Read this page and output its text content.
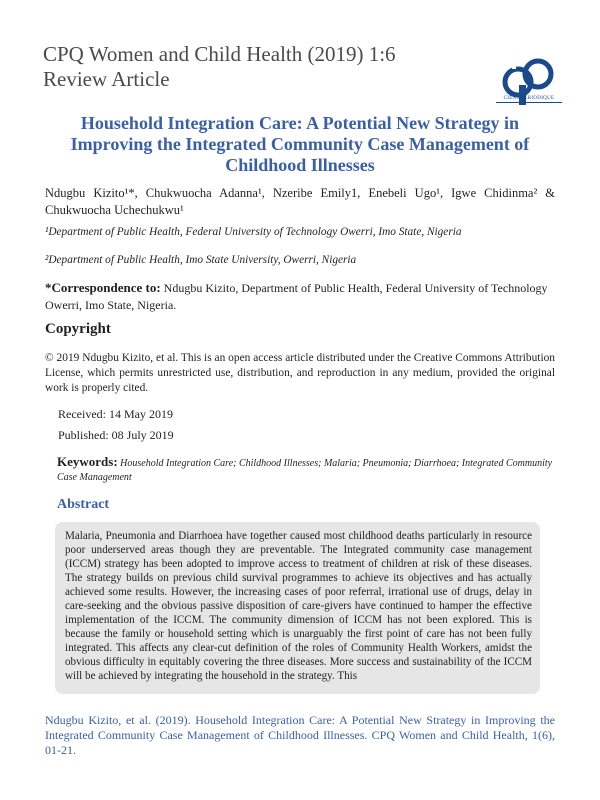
CPQ Women and Child Health (2019) 1:6
Review Article
CIENT PERIODIQUE
Household Integration Care: A Potential New Strategy in Improving the Integrated Community Case Management of Childhood Illnesses
Ndugbu Kizito¹*, Chukwuocha Adanna¹, Nzeribe Emily1, Enebeli Ugo¹, Igwe Chidinma² & Chukwuocha Uchechukwu¹
¹Department of Public Health, Federal University of Technology Owerri, Imo State, Nigeria
²Department of Public Health, Imo State University, Owerri, Nigeria
*Correspondence to: Ndugbu Kizito, Department of Public Health, Federal University of Technology Owerri, Imo State, Nigeria.
Copyright
© 2019 Ndugbu Kizito, et al. This is an open access article distributed under the Creative Commons Attribution License, which permits unrestricted use, distribution, and reproduction in any medium, provided the original work is properly cited.
Received: 14 May 2019
Published: 08 July 2019
Keywords: Household Integration Care; Childhood Illnesses; Malaria; Pneumonia; Diarrhoea; Integrated Community Case Management
Abstract
Malaria, Pneumonia and Diarrhoea have together caused most childhood deaths particularly in resource poor underserved areas though they are preventable. The Integrated community case management (ICCM) strategy has been adopted to improve access to treatment of children at risk of these diseases. The strategy builds on previous child survival programmes to achieve its objectives and has actually achieved some results. However, the increasing cases of poor referral, irrational use of drugs, delay in care-seeking and the obvious passive disposition of care-givers have continued to hamper the effective implementation of the ICCM. The community dimension of ICCM has not been explored. This is because the family or household setting which is unarguably the first point of care has not been fully integrated. This affects any clear-cut definition of the roles of Community Health Workers, amidst the obvious difficulty in equitably covering the three diseases. More success and sustainability of the ICCM will be achieved by integrating the household in the strategy. This
Ndugbu Kizito, et al. (2019). Household Integration Care: A Potential New Strategy in Improving the Integrated Community Case Management of Childhood Illnesses. CPQ Women and Child Health, 1(6), 01-21.
